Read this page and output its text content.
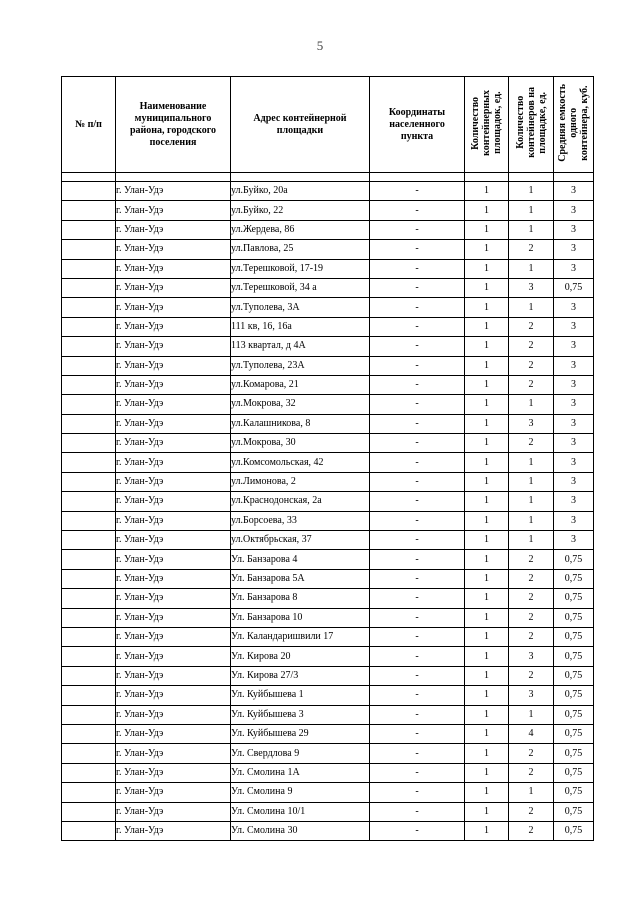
5
№ п/п	Наименование муниципального района, городского поселения	Адрес контейнерной площадки	Координаты населенного пункта	Количество контейнерных площадок, ед.	Количество контейнеров на площадке, ед.	Средняя емкость одного контейнера, куб.

	г. Улан-Удэ	ул.Буйко, 20а	-	1	1	3
	г. Улан-Удэ	ул.Буйко, 22	-	1	1	3
	г. Улан-Удэ	ул.Жердева, 86	-	1	1	3
	г. Улан-Удэ	ул.Павлова, 25	-	1	2	3
	г. Улан-Удэ	ул.Терешковой, 17-19	-	1	1	3
	г. Улан-Удэ	ул.Терешковой, 34 а	-	1	3	0,75
	г. Улан-Удэ	ул.Туполева, 3А	-	1	1	3
	г. Улан-Удэ	111 кв, 16, 16а	-	1	2	3
	г. Улан-Удэ	113 квартал, д 4А	-	1	2	3
	г. Улан-Удэ	ул.Туполева, 23А	-	1	2	3
	г. Улан-Удэ	ул.Комарова, 21	-	1	2	3
	г. Улан-Удэ	ул.Мокрова, 32	-	1	1	3
	г. Улан-Удэ	ул.Калашникова, 8	-	1	3	3
	г. Улан-Удэ	ул.Мокрова, 30	-	1	2	3
	г. Улан-Удэ	ул.Комсомольская, 42	-	1	1	3
	г. Улан-Удэ	ул.Лимонова, 2	-	1	1	3
	г. Улан-Удэ	ул.Краснодонская, 2а	-	1	1	3
	г. Улан-Удэ	ул.Борсоева, 33	-	1	1	3
	г. Улан-Удэ	ул.Октябрьская, 37	-	1	1	3
	г. Улан-Удэ	Ул. Банзарова 4	-	1	2	0,75
	г. Улан-Удэ	Ул. Банзарова 5А	-	1	2	0,75
	г. Улан-Удэ	Ул. Банзарова 8	-	1	2	0,75
	г. Улан-Удэ	Ул. Банзарова 10	-	1	2	0,75
	г. Улан-Удэ	Ул. Каландаришвили 17	-	1	2	0,75
	г. Улан-Удэ	Ул. Кирова 20	-	1	3	0,75
	г. Улан-Удэ	Ул. Кирова 27/3	-	1	2	0,75
	г. Улан-Удэ	Ул. Куйбышева 1	-	1	3	0,75
	г. Улан-Удэ	Ул. Куйбышева 3	-	1	1	0,75
	г. Улан-Удэ	Ул. Куйбышева 29	-	1	4	0,75
	г. Улан-Удэ	Ул. Свердлова 9	-	1	2	0,75
	г. Улан-Удэ	Ул. Смолина 1А	-	1	2	0,75
	г. Улан-Удэ	Ул. Смолина 9	-	1	1	0,75
	г. Улан-Удэ	Ул. Смолина 10/1	-	1	2	0,75
	г. Улан-Удэ	Ул. Смолина 30	-	1	2	0,75
